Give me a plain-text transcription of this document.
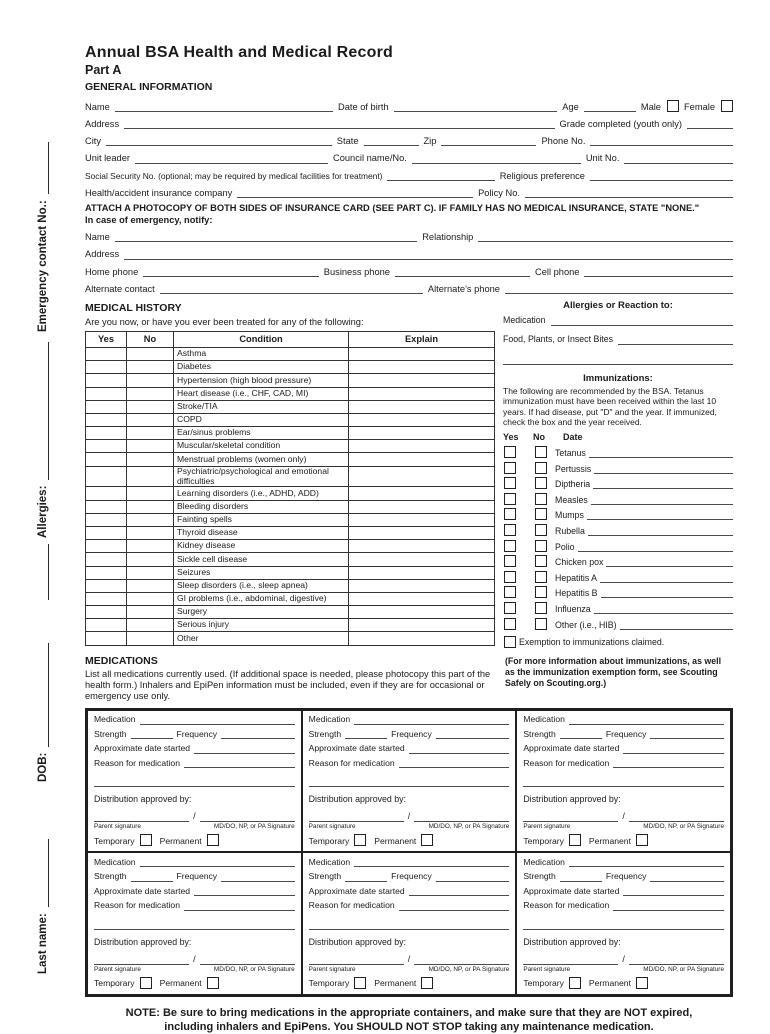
Emergency contact No.:
Allergies:
DOB:
Last name:
Annual BSA Health and Medical Record
Part A
GENERAL INFORMATION
Name	Date of birth	Age	Male Female
Address	Grade completed (youth only)
City	State	Zip	Phone No.
Unit leader	Council name/No.	Unit No.
Social Security No. (optional; may be required by medical facilities for treatment)	Religious preference
Health/accident insurance company	Policy No.
ATTACH A PHOTOCOPY OF BOTH SIDES OF INSURANCE CARD (SEE PART C). IF FAMILY HAS NO MEDICAL INSURANCE, STATE "NONE."
In case of emergency, notify:
Name	Relationship
Address
Home phone	Business phone	Cell phone
Alternate contact	Alternate's phone
MEDICAL HISTORY
Are you now, or have you ever been treated for any of the following:
Yes	No	Condition	Explain
		Asthma	
		Diabetes	
		Hypertension (high blood pressure)	
		Heart disease (i.e., CHF, CAD, MI)	
		Stroke/TIA	
		COPD	
		Ear/sinus problems	
		Muscular/skeletal condition	
		Menstrual problems (women only)	
		Psychiatric/psychological and emotional difficulties	
		Learning disorders (i.e., ADHD, ADD)	
		Bleeding disorders	
		Fainting spells	
		Thyroid disease	
		Kidney disease	
		Sickle cell disease	
		Seizures	
		Sleep disorders (i.e., sleep apnea)	
		GI problems (i.e., abdominal, digestive)	
		Surgery	
		Serious injury	
		Other	
Allergies or Reaction to:
Medication
Food, Plants, or Insect Bites
Immunizations:
The following are recommended by the BSA. Tetanus immunization must have been received within the last 10 years. If had disease, put "D" and the year. If immunized, check the box and the year received.
Yes	No	Date
Tetanus
Pertussis
Diptheria
Measles
Mumps
Rubella
Polio
Chicken pox
Hepatitis A
Hepatitis B
Influenza
Other (i.e., HIB)
Exemption to immunizations claimed.
MEDICATIONS
List all medications currently used. (If additional space is needed, please photocopy this part of the health form.) Inhalers and EpiPen information must be included, even if they are for occasional or emergency use only.
(For more information about immunizations, as well as the immunization exemption form, see Scouting Safely on Scouting.org.)
Medication
Strength	Frequency
Approximate date started
Reason for medication
Distribution approved by:
/
Parent signature	MD/DO, NP, or PA Signature
Temporary	Permanent
Medication
Strength	Frequency
Approximate date started
Reason for medication
Distribution approved by:
/
Parent signature	MD/DO, NP, or PA Signature
Temporary	Permanent
Medication
Strength	Frequency
Approximate date started
Reason for medication
Distribution approved by:
/
Parent signature	MD/DO, NP, or PA Signature
Temporary	Permanent
Medication
Strength	Frequency
Approximate date started
Reason for medication
Distribution approved by:
/
Parent signature	MD/DO, NP, or PA Signature
Temporary	Permanent
Medication
Strength	Frequency
Approximate date started
Reason for medication
Distribution approved by:
/
Parent signature	MD/DO, NP, or PA Signature
Temporary	Permanent
Medication
Strength	Frequency
Approximate date started
Reason for medication
Distribution approved by:
/
Parent signature	MD/DO, NP, or PA Signature
Temporary	Permanent
NOTE: Be sure to bring medications in the appropriate containers, and make sure that they are NOT expired,
including inhalers and EpiPens. You SHOULD NOT STOP taking any maintenance medication.
